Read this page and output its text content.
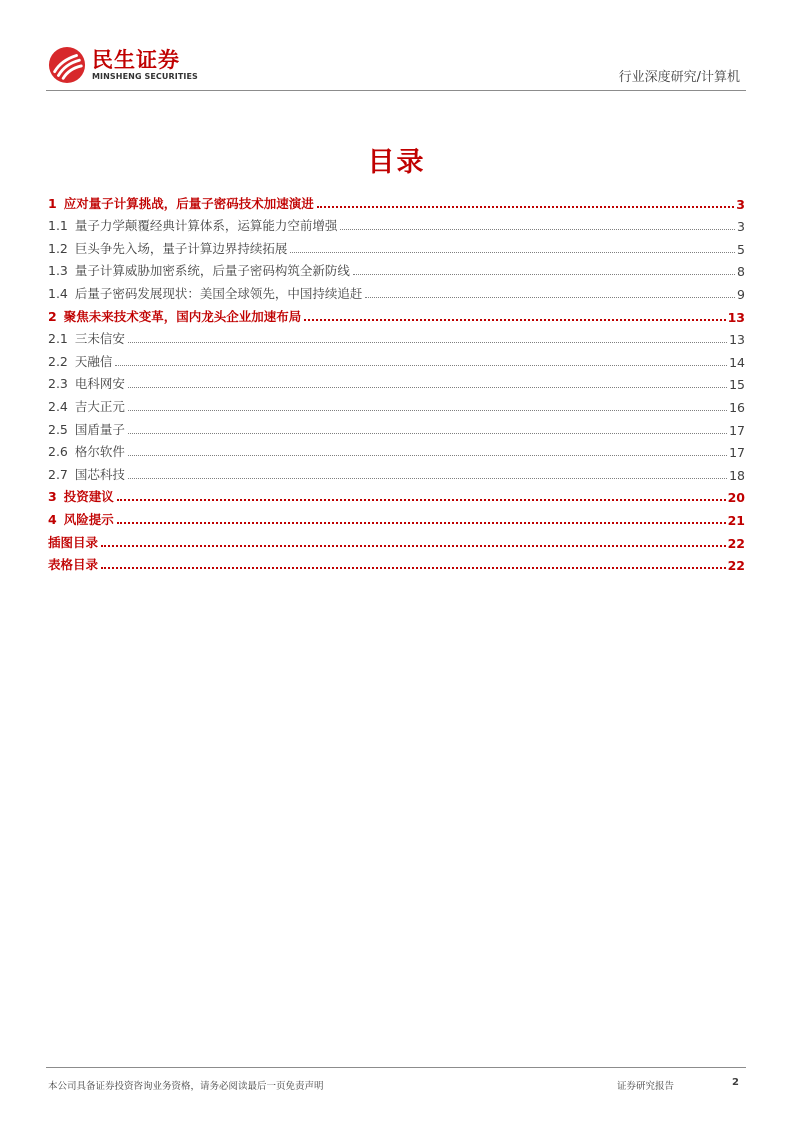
民生证券
MINSHENG SECURITIES	行业深度研究/计算机
目录
1 应对量子计算挑战，后量子密码技术加速演进	3
1.1 量子力学颠覆经典计算体系，运算能力空前增强	3
1.2 巨头争先入场，量子计算边界持续拓展	5
1.3 量子计算威胁加密系统，后量子密码构筑全新防线	8
1.4 后量子密码发展现状：美国全球领先，中国持续追赶	9
2 聚焦未来技术变革，国内龙头企业加速布局	13
2.1 三未信安	13
2.2 天融信	14
2.3 电科网安	15
2.4 吉大正元	16
2.5 国盾量子	17
2.6 格尔软件	17
2.7 国芯科技	18
3 投资建议	20
4 风险提示	21
插图目录	22
表格目录	22
本公司具备证券投资咨询业务资格，请务必阅读最后一页免责声明	证券研究报告	2
